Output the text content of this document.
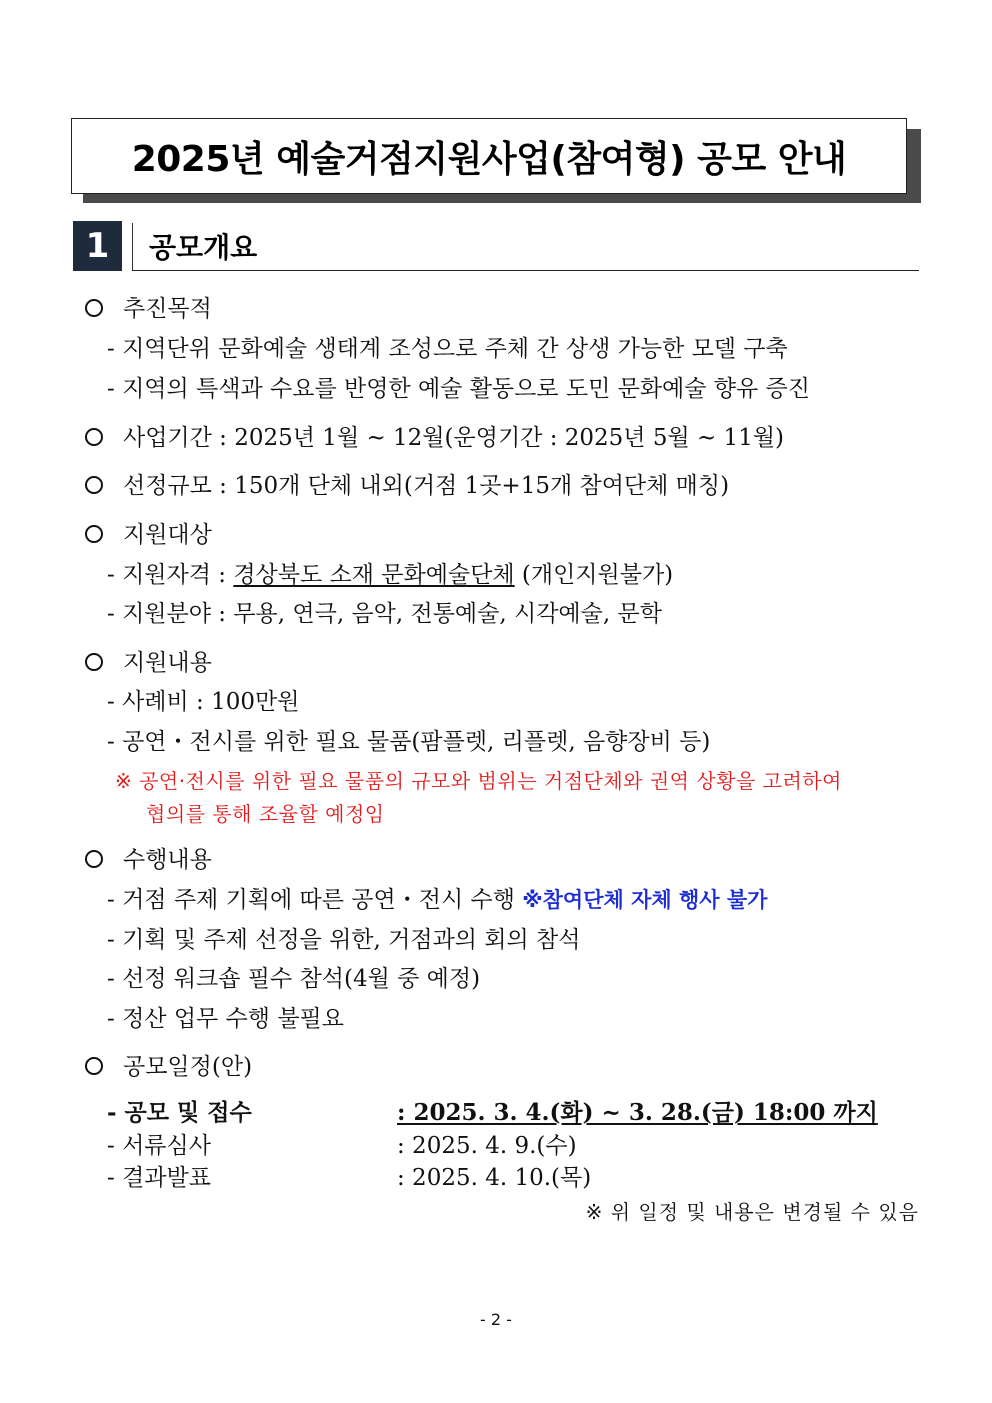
2025년 예술거점지원사업(참여형) 공모 안내
1	공모개요
추진목적
- 지역단위 문화예술 생태계 조성으로 주체 간 상생 가능한 모델 구축
- 지역의 특색과 수요를 반영한 예술 활동으로 도민 문화예술 향유 증진
사업기간 : 2025년 1월 ~ 12월(운영기간 : 2025년 5월 ~ 11월)
선정규모 : 150개 단체 내외(거점 1곳+15개 참여단체 매칭)
지원대상
- 지원자격 : 경상북도 소재 문화예술단체 (개인지원불가)
- 지원분야 : 무용, 연극, 음악, 전통예술, 시각예술, 문학
지원내용
- 사례비 : 100만원
- 공연・전시를 위한 필요 물품(팜플렛, 리플렛, 음향장비 등)
※ 공연·전시를 위한 필요 물품의 규모와 범위는 거점단체와 권역 상황을 고려하여
협의를 통해 조율할 예정임
수행내용
- 거점 주제 기획에 따른 공연・전시 수행 ※참여단체 자체 행사 불가
- 기획 및 주제 선정을 위한, 거점과의 회의 참석
- 선정 워크숍 필수 참석(4월 중 예정)
- 정산 업무 수행 불필요
공모일정(안)
- 공모 및 접수	: 2025. 3. 4.(화) ~ 3. 28.(금) 18:00 까지
- 서류심사	: 2025. 4. 9.(수)
- 결과발표	: 2025. 4. 10.(목)
※ 위 일정 및 내용은 변경될 수 있음
- 2 -
